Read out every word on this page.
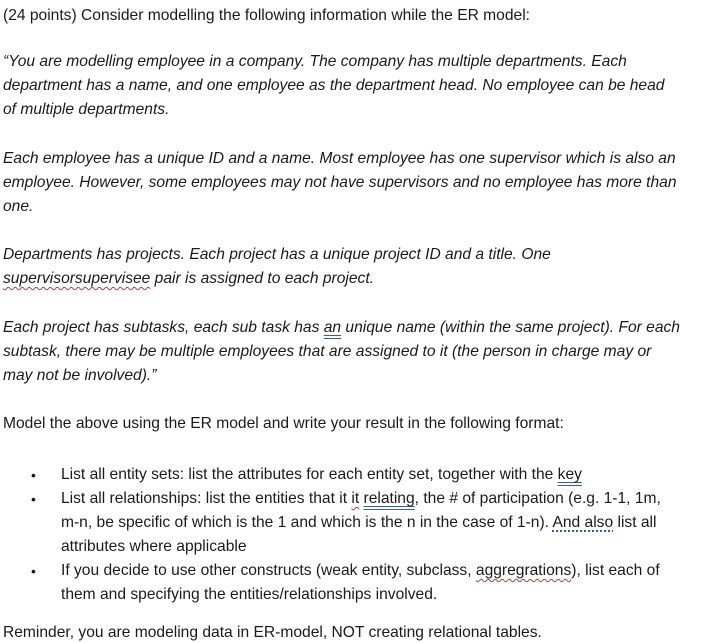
(24 points) Consider modelling the following information while the ER model:
“You are modelling employee in a company. The company has multiple departments. Each
department has a name, and one employee as the department head. No employee can be head
of multiple departments.
Each employee has a unique ID and a name. Most employee has one supervisor which is also an
employee. However, some employees may not have supervisors and no employee has more than
one.
Departments has projects. Each project has a unique project ID and a title. One
supervisorsupervisee pair is assigned to each project.
Each project has subtasks, each sub task has an unique name (within the same project). For each
subtask, there may be multiple employees that are assigned to it (the person in charge may or
may not be involved).”
Model the above using the ER model and write your result in the following format:
• List all entity sets: list the attributes for each entity set, together with the key
• List all relationships: list the entities that it it relating, the # of participation (e.g. 1-1, 1m,
m-n, be specific of which is the 1 and which is the n in the case of 1-n). And also list all
attributes where applicable
• If you decide to use other constructs (weak entity, subclass, aggregrations), list each of
them and specifying the entities/relationships involved.
Reminder, you are modeling data in ER-model, NOT creating relational tables.
